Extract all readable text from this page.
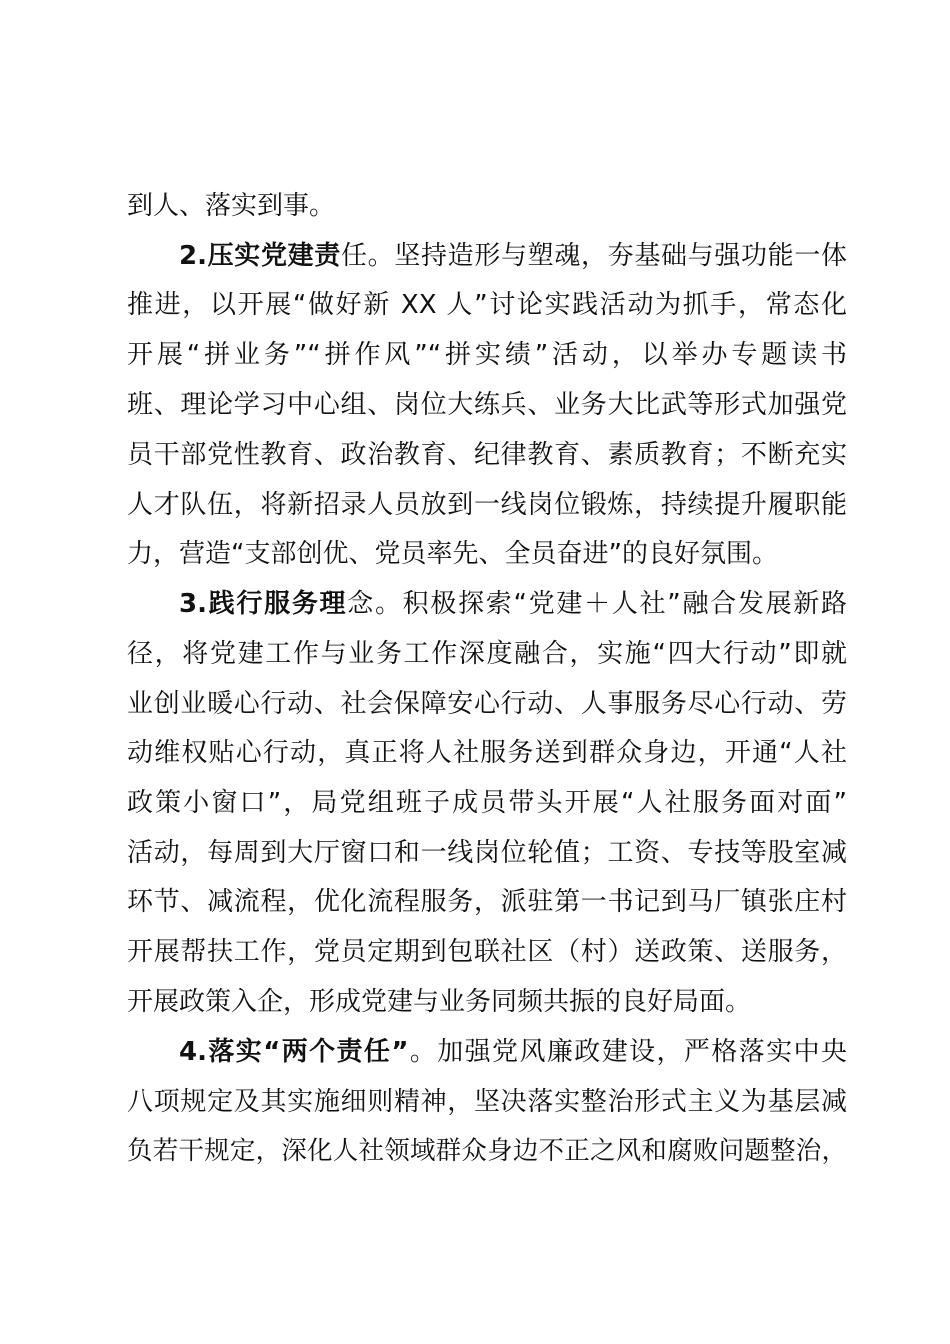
到人、落实到事。
2.压实党建责任。坚持造形与塑魂，夯基础与强功能一体
推进，以开展“做好新 XX 人”讨论实践活动为抓手，常态化
开展“拼业务”“拼作风”“拼实绩”活动，以举办专题读书
班、理论学习中心组、岗位大练兵、业务大比武等形式加强党
员干部党性教育、政治教育、纪律教育、素质教育；不断充实
人才队伍，将新招录人员放到一线岗位锻炼，持续提升履职能
力，营造“支部创优、党员率先、全员奋进”的良好氛围。
3.践行服务理念。积极探索“党建＋人社”融合发展新路
径，将党建工作与业务工作深度融合，实施“四大行动”即就
业创业暖心行动、社会保障安心行动、人事服务尽心行动、劳
动维权贴心行动，真正将人社服务送到群众身边，开通“人社
政策小窗口”，局党组班子成员带头开展“人社服务面对面”
活动，每周到大厅窗口和一线岗位轮值；工资、专技等股室减
环节、减流程，优化流程服务，派驻第一书记到马厂镇张庄村
开展帮扶工作，党员定期到包联社区（村）送政策、送服务，
开展政策入企，形成党建与业务同频共振的良好局面。
4.落实“两个责任”。加强党风廉政建设，严格落实中央
八项规定及其实施细则精神，坚决落实整治形式主义为基层减
负若干规定，深化人社领域群众身边不正之风和腐败问题整治，
